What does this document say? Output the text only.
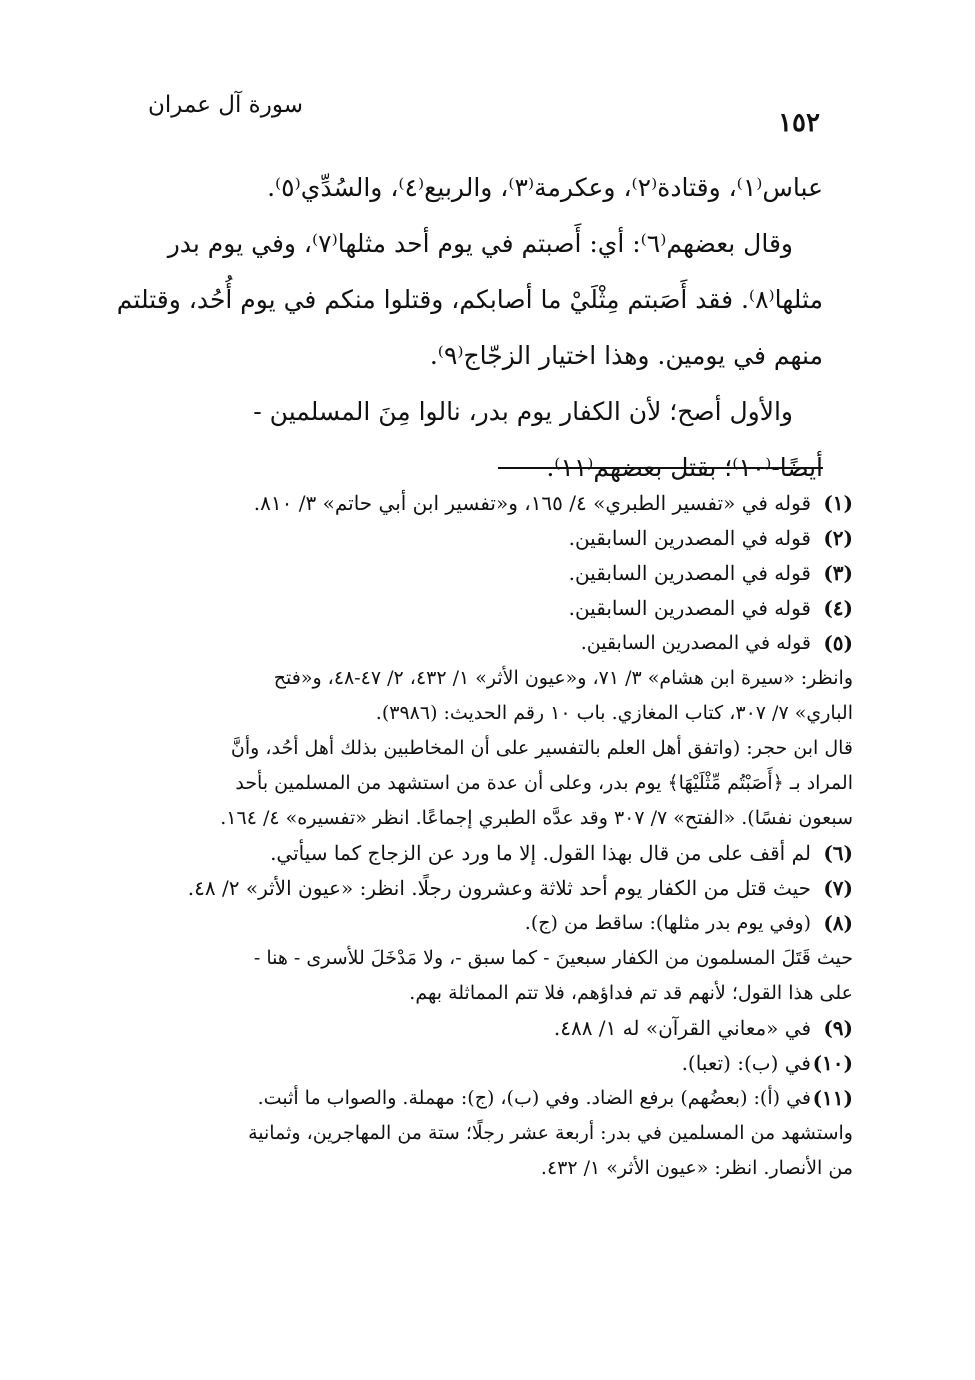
سورة آل عمران
١٥٢

عباس⁽١⁾، وقتادة⁽٢⁾، وعكرمة⁽٣⁾، والربيع⁽٤⁾، والسُدِّي⁽٥⁾.

وقال بعضهم⁽٦⁾: أي: أَصبتم في يوم أحد مثلها⁽٧⁾، وفي يوم بدر

مثلها⁽٨⁾. فقد أَصَبتم مِثْلَيْ ما أصابكم، وقتلوا منكم في يوم أُحُد، وقتلتم

منهم في يومين. وهذا اختيار الزجّاج⁽٩⁾.

والأول أصح؛ لأن الكفار يوم بدر، نالوا مِنَ المسلمين -

أيضًا-⁽١٠⁾؛ بقتل بعضهم⁽١١⁾.

(١)
قوله في «تفسير الطبري» ٤/ ١٦٥، و«تفسير ابن أبي حاتم» ٣/ ٨١٠.
(٢)
قوله في المصدرين السابقين.
(٣)
قوله في المصدرين السابقين.
(٤)
قوله في المصدرين السابقين.
(٥)
قوله في المصدرين السابقين.
وانظر: «سيرة ابن هشام» ٣/ ٧١، و«عيون الأثر» ١/ ٤٣٢، ٢/ ٤٧-٤٨، و«فتح
الباري» ٧/ ٣٠٧، كتاب المغازي. باب ١٠ رقم الحديث: (٣٩٨٦).
قال ابن حجر: (واتفق أهل العلم بالتفسير على أن المخاطبين بذلك أهل أحُد، وأنَّ
المراد بـ ﴿أَصَبْتُم مِّثْلَيْهَا﴾ يوم بدر، وعلى أن عدة من استشهد من المسلمين بأحد
سبعون نفسًا). «الفتح» ٧/ ٣٠٧ وقد عدَّه الطبري إجماعًا. انظر «تفسيره» ٤/ ١٦٤.
(٦)
لم أقف على من قال بهذا القول. إلا ما ورد عن الزجاج كما سيأتي.
(٧)
حيث قتل من الكفار يوم أحد ثلاثة وعشرون رجلًا. انظر: «عيون الأثر» ٢/ ٤٨.
(٨)
(وفي يوم بدر مثلها): ساقط من (ج).
حيث قَتَلَ المسلمون من الكفار سبعينَ - كما سبق -، ولا مَدْخَلَ للأسرى - هنا -
على هذا القول؛ لأنهم قد تم فداؤهم، فلا تتم المماثلة بهم.
(٩)
في «معاني القرآن» له ١/ ٤٨٨.
(١٠)
في (ب): (تعبا).
(١١)
في (أ): (بعضُهم) برفع الضاد. وفي (ب)، (ج): مهملة. والصواب ما أثبت.
واستشهد من المسلمين في بدر: أربعة عشر رجلًا؛ ستة من المهاجرين، وثمانية
من الأنصار. انظر: «عيون الأثر» ١/ ٤٣٢.
